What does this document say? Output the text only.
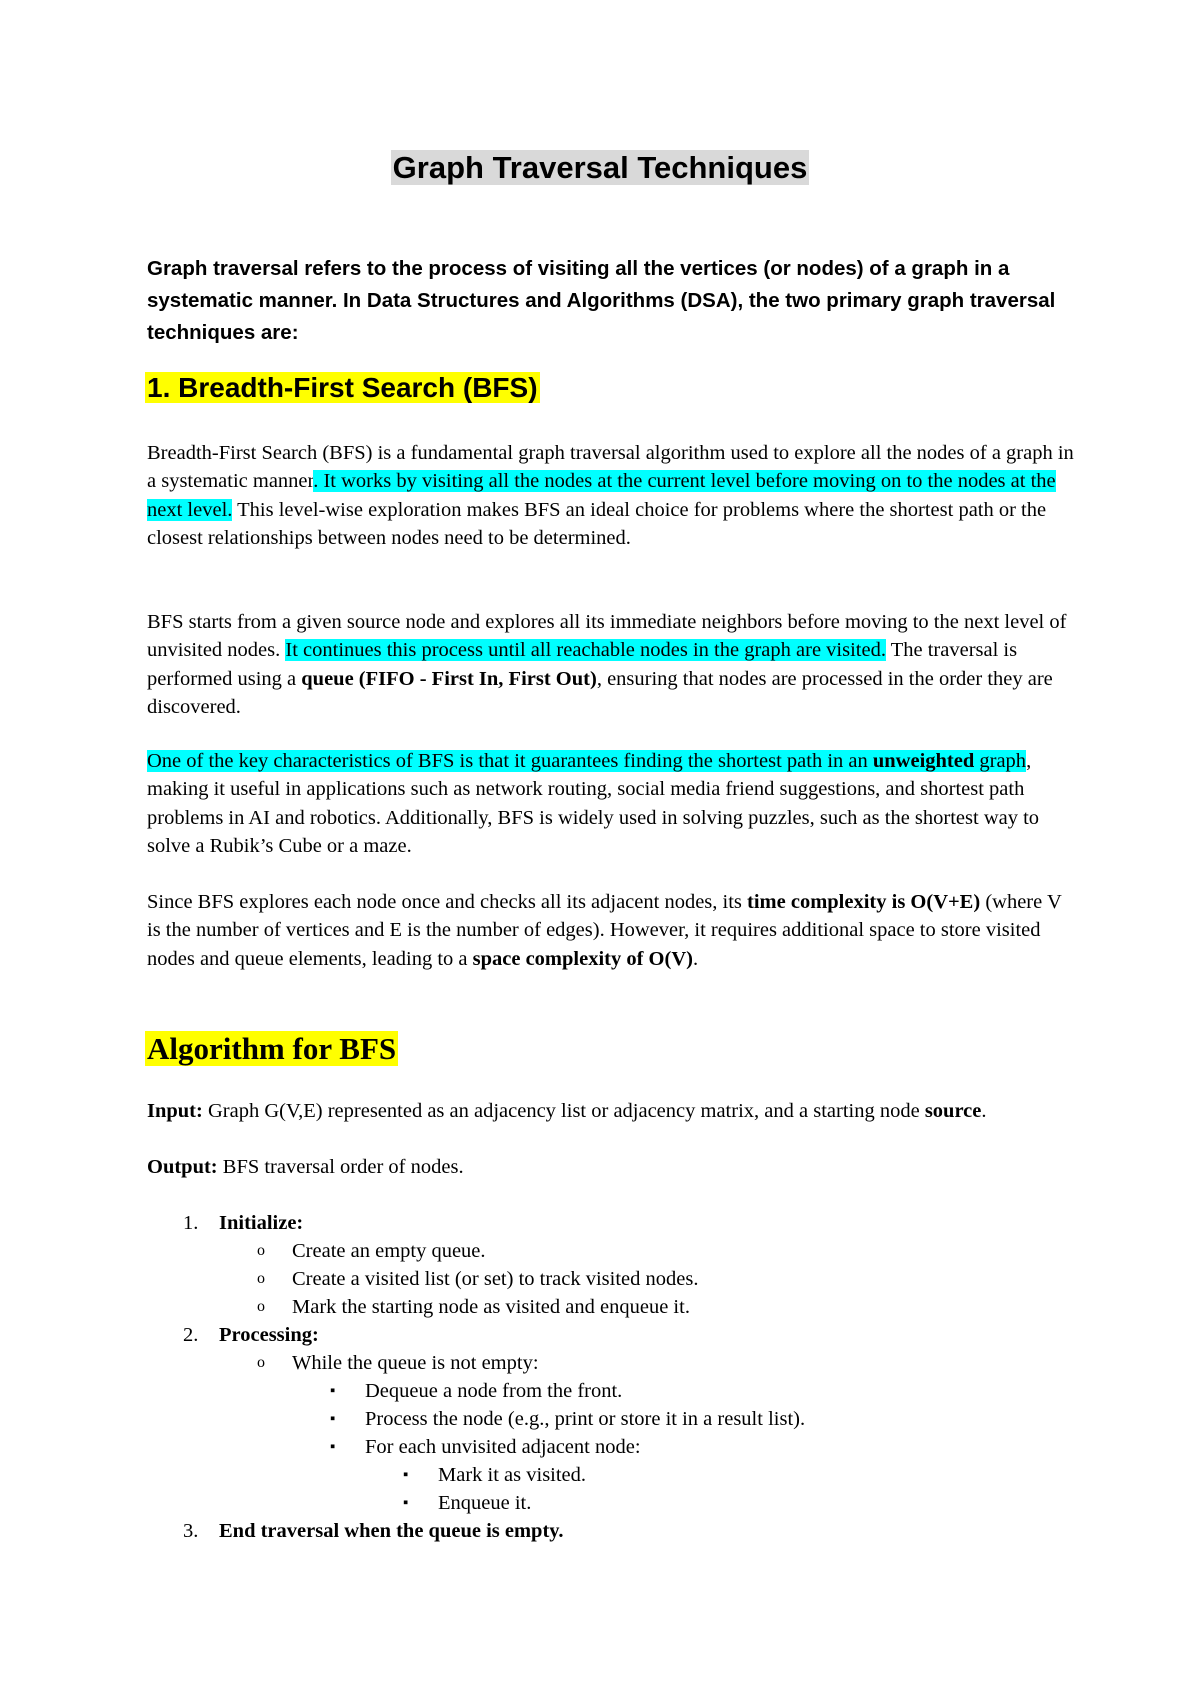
Graph Traversal Techniques

Graph traversal refers to the process of visiting all the vertices (or nodes) of a graph in a systematic manner. In Data Structures and Algorithms (DSA), the two primary graph traversal techniques are:

1. Breadth-First Search (BFS)

Breadth-First Search (BFS) is a fundamental graph traversal algorithm used to explore all the nodes of a graph in a systematic manner. It works by visiting all the nodes at the current level before moving on to the nodes at the next level. This level-wise exploration makes BFS an ideal choice for problems where the shortest path or the closest relationships between nodes need to be determined.

BFS starts from a given source node and explores all its immediate neighbors before moving to the next level of unvisited nodes. It continues this process until all reachable nodes in the graph are visited. The traversal is performed using a queue (FIFO - First In, First Out), ensuring that nodes are processed in the order they are discovered.

One of the key characteristics of BFS is that it guarantees finding the shortest path in an unweighted graph, making it useful in applications such as network routing, social media friend suggestions, and shortest path problems in AI and robotics. Additionally, BFS is widely used in solving puzzles, such as the shortest way to solve a Rubik’s Cube or a maze.

Since BFS explores each node once and checks all its adjacent nodes, its time complexity is O(V+E) (where V is the number of vertices and E is the number of edges). However, it requires additional space to store visited nodes and queue elements, leading to a space complexity of O(V).

Algorithm for BFS

Input: Graph G(V,E) represented as an adjacency list or adjacency matrix, and a starting node source.

Output: BFS traversal order of nodes.

1. Initialize:
o Create an empty queue.
o Create a visited list (or set) to track visited nodes.
o Mark the starting node as visited and enqueue it.
2. Processing:
o While the queue is not empty:
▪ Dequeue a node from the front.
▪ Process the node (e.g., print or store it in a result list).
▪ For each unvisited adjacent node:
▪ Mark it as visited.
▪ Enqueue it.
3. End traversal when the queue is empty.
